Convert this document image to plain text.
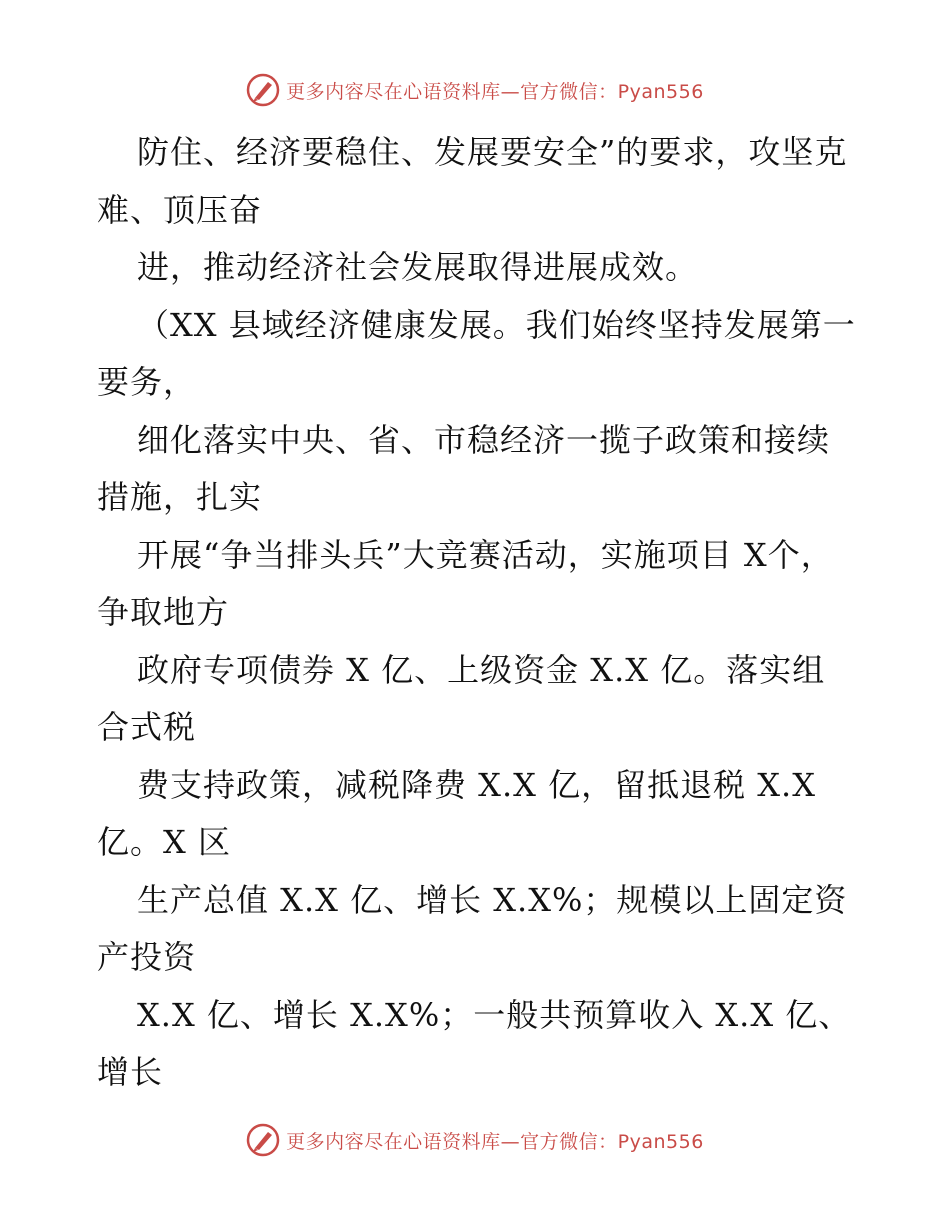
更多内容尽在心语资料库—官方微信：Pyan556

防住、经济要稳住、发展要安全”的要求，攻坚克难、顶压奋

进，推动经济社会发展取得进展成效。

（XX 县域经济健康发展。我们始终坚持发展第一要务，

细化落实中央、省、市稳经济一揽子政策和接续措施，扎实

开展“争当排头兵”大竞赛活动，实施项目 X个，争取地方

政府专项债券 X 亿、上级资金 X.X 亿。落实组合式税

费支持政策，减税降费 X.X 亿，留抵退税 X.X亿。X 区

生产总值 X.X 亿、增长 X.X%；规模以上固定资产投资

X.X 亿、增长 X.X%；一般共预算收入 X.X 亿、增长

更多内容尽在心语资料库—官方微信：Pyan556
